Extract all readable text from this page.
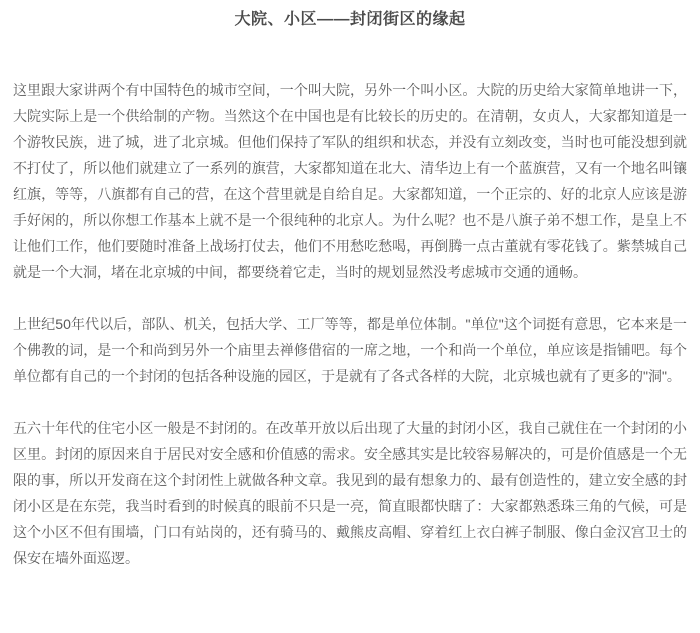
大院、小区——封闭街区的缘起

这里跟大家讲两个有中国特色的城市空间，一个叫大院，另外一个叫小区。大院的历史给大家简单地讲一下，大院实际上是一个供给制的产物。当然这个在中国也是有比较长的历史的。在清朝，女贞人，大家都知道是一个游牧民族，进了城，进了北京城。但他们保持了军队的组织和状态，并没有立刻改变，当时也可能没想到就不打仗了，所以他们就建立了一系列的旗营，大家都知道在北大、清华边上有一个蓝旗营，又有一个地名叫镶红旗，等等，八旗都有自己的营，在这个营里就是自给自足。大家都知道，一个正宗的、好的北京人应该是游手好闲的，所以你想工作基本上就不是一个很纯种的北京人。为什么呢？也不是八旗子弟不想工作，是皇上不让他们工作，他们要随时准备上战场打仗去，他们不用愁吃愁喝，再倒腾一点古董就有零花钱了。紫禁城自己就是一个大洞，堵在北京城的中间，都要绕着它走，当时的规划显然没考虑城市交通的通畅。

上世纪50年代以后，部队、机关，包括大学、工厂等等，都是单位体制。"单位"这个词挺有意思，它本来是一个佛教的词，是一个和尚到另外一个庙里去禅修借宿的一席之地，一个和尚一个单位，单应该是指铺吧。每个单位都有自己的一个封闭的包括各种设施的园区，于是就有了各式各样的大院，北京城也就有了更多的"洞"。

五六十年代的住宅小区一般是不封闭的。在改革开放以后出现了大量的封闭小区，我自己就住在一个封闭的小区里。封闭的原因来自于居民对安全感和价值感的需求。安全感其实是比较容易解决的，可是价值感是一个无限的事，所以开发商在这个封闭性上就做各种文章。我见到的最有想象力的、最有创造性的，建立安全感的封闭小区是在东莞，我当时看到的时候真的眼前不只是一亮，简直眼都快瞎了：大家都熟悉珠三角的气候，可是这个小区不但有围墙，门口有站岗的，还有骑马的、戴熊皮高帽、穿着红上衣白裤子制服、像白金汉宫卫士的保安在墙外面巡逻。
